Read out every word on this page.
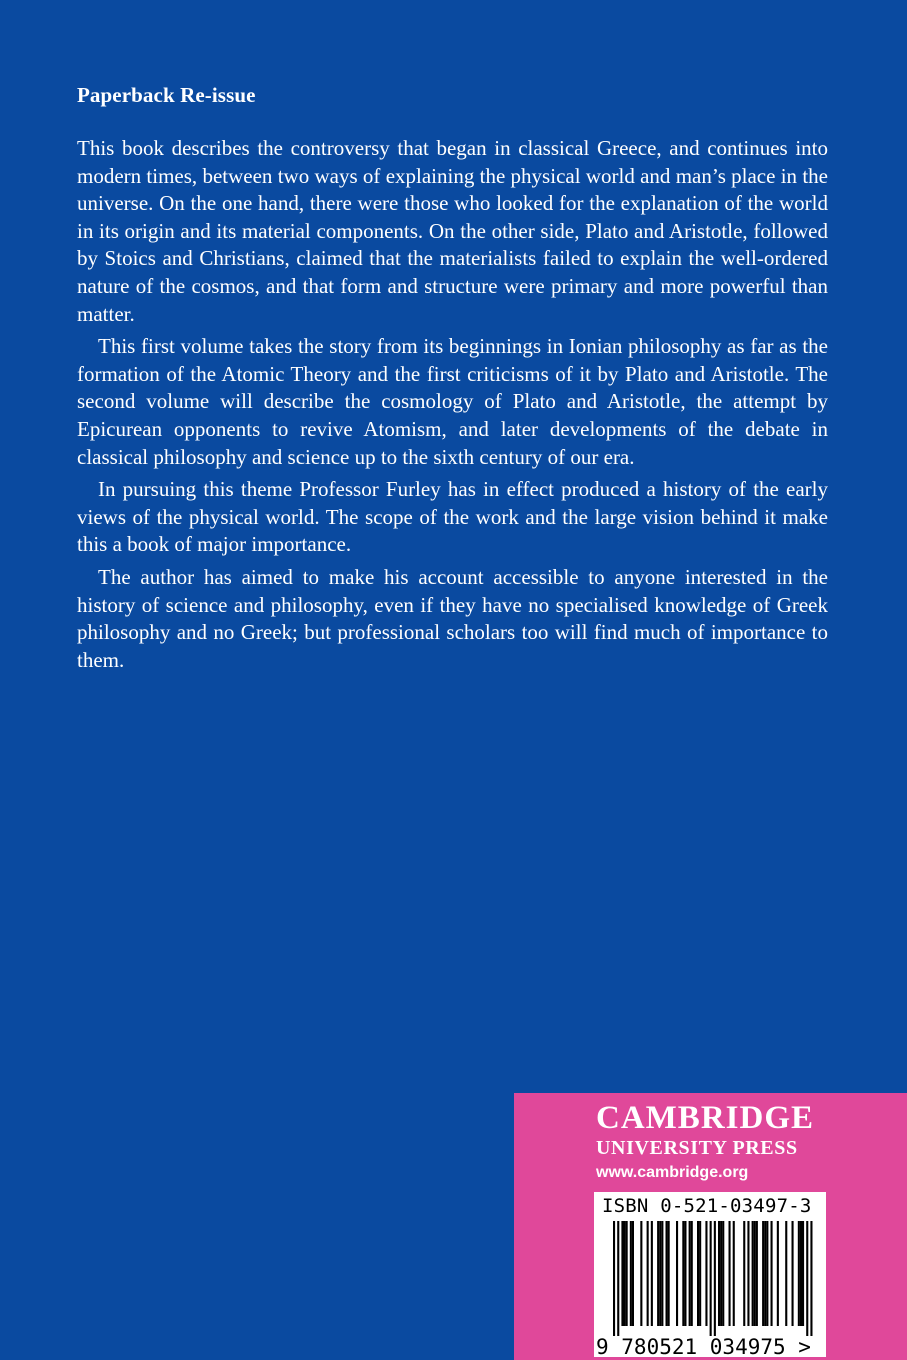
Paperback Re-issue

This book describes the controversy that began in classical Greece, and continues into modern times, between two ways of explaining the physical world and man’s place in the universe. On the one hand, there were those who looked for the explanation of the world in its origin and its material components. On the other side, Plato and Aristotle, followed by Stoics and Christians, claimed that the materialists failed to explain the well-ordered nature of the cosmos, and that form and structure were primary and more powerful than matter.

This first volume takes the story from its beginnings in Ionian philosophy as far as the formation of the Atomic Theory and the first criticisms of it by Plato and Aristotle. The second volume will describe the cosmology of Plato and Aristotle, the attempt by Epicurean opponents to revive Atomism, and later developments of the debate in classical philosophy and science up to the sixth century of our era.

In pursuing this theme Professor Furley has in effect produced a history of the early views of the physical world. The scope of the work and the large vision behind it make this a book of major importance.

The author has aimed to make his account accessible to anyone interested in the history of science and philosophy, even if they have no specialised knowledge of Greek philosophy and no Greek; but professional scholars too will find much of importance to them.

CAMBRIDGE
UNIVERSITY PRESS
www.cambridge.org
ISBN 0-521-03497-3
9 780521 034975 >
